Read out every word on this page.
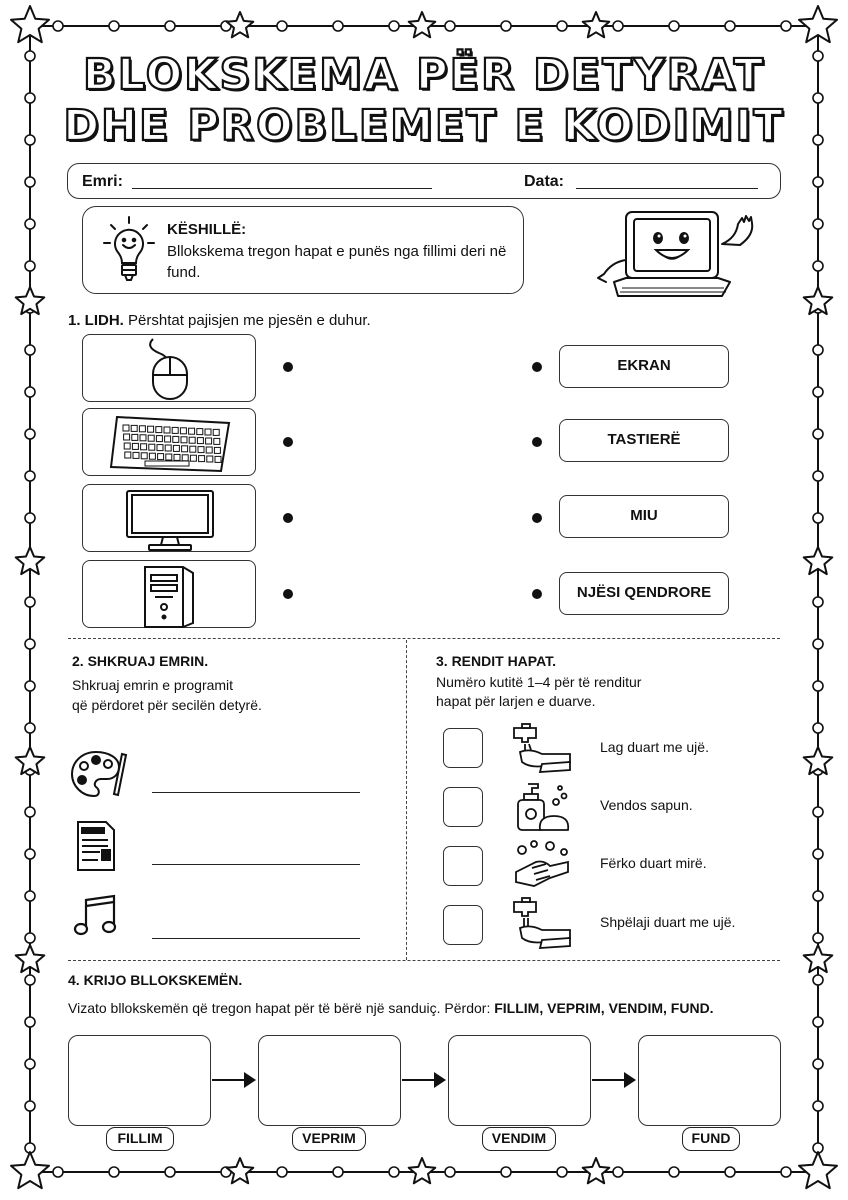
BLOKSKEMA PËR DETYRAT
DHE PROBLEMET E KODIMIT
Emri:	Data:
KËSHILLË:
Bllokskema tregon hapat e punës nga fillimi deri në fund.
1. LIDH. Përshtat pajisjen me pjesën e duhur.
EKRAN
TASTIERË
MIU
NJËSI QENDRORE
2. SHKRUAJ EMRIN.
Shkruaj emrin e programit
që përdoret për secilën detyrë.
3. RENDIT HAPAT.
Numëro kutitë 1–4 për të renditur
hapat për larjen e duarve.
Lag duart me ujë.
Vendos sapun.
Fërko duart mirë.
Shpëlaji duart me ujë.
4. KRIJO BLLOKSKEMËN.
Vizato bllokskemën që tregon hapat për të bërë një sanduiç. Përdor: FILLIM, VEPRIM, VENDIM, FUND.
FILLIM	VEPRIM	VENDIM	FUND
